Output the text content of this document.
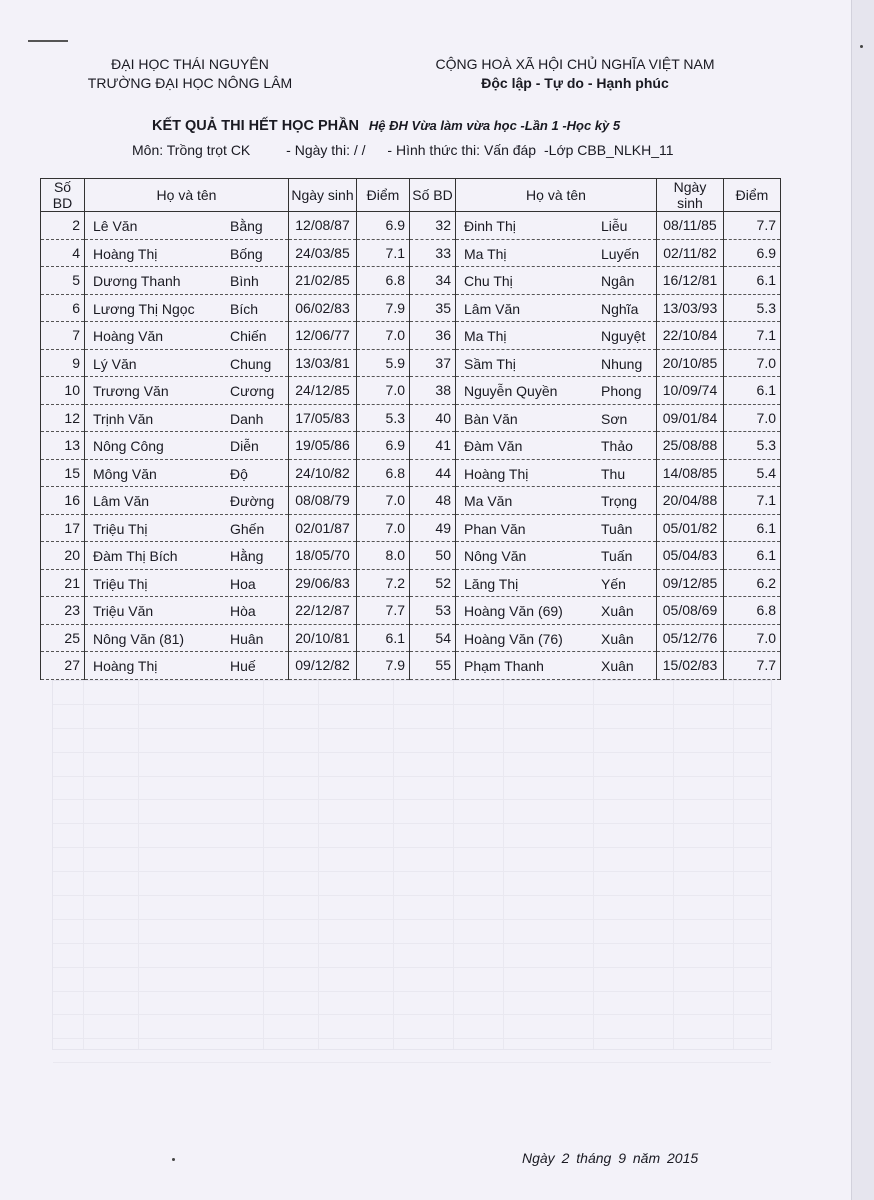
ĐẠI HỌC THÁI NGUYÊN
TRƯỜNG ĐẠI HỌC NÔNG LÂM
CỘNG HOÀ XÃ HỘI CHỦ NGHĨA VIỆT NAM
Độc lập - Tự do - Hạnh phúc
KẾT QUẢ THI HẾT HỌC PHẦN Hệ ĐH Vừa làm vừa học -Lần 1 -Học kỳ 5
Môn: Trồng trọt CK	- Ngày thi: / / - Hình thức thi: Vấn đáp -Lớp CBB_NLKH_11
Số BD	Họ và tên	Ngày sinh	Điểm	Số BD	Họ và tên	Ngày sinh	Điểm
2	Lê Văn Bằng	12/08/87	6.9	32	Đinh Thị Liễu	08/11/85	7.7
4	Hoàng Thị Bống	24/03/85	7.1	33	Ma Thị Luyến	02/11/82	6.9
5	Dương Thanh Bình	21/02/85	6.8	34	Chu Thị Ngân	16/12/81	6.1
6	Lương Thị Ngọc Bích	06/02/83	7.9	35	Lâm Văn Nghĩa	13/03/93	5.3
7	Hoàng Văn Chiến	12/06/77	7.0	36	Ma Thị Nguyệt	22/10/84	7.1
9	Lý Văn Chung	13/03/81	5.9	37	Sầm Thị Nhung	20/10/85	7.0
10	Trương Văn Cương	24/12/85	7.0	38	Nguyễn Quyền Phong	10/09/74	6.1
12	Trịnh Văn Danh	17/05/83	5.3	40	Bàn Văn Sơn	09/01/84	7.0
13	Nông Công Diễn	19/05/86	6.9	41	Đàm Văn Thảo	25/08/88	5.3
15	Mông Văn Độ	24/10/82	6.8	44	Hoàng Thị Thu	14/08/85	5.4
16	Lâm Văn Đường	08/08/79	7.0	48	Ma Văn Trọng	20/04/88	7.1
17	Triệu Thị Ghến	02/01/87	7.0	49	Phan Văn Tuân	05/01/82	6.1
20	Đàm Thị Bích Hằng	18/05/70	8.0	50	Nông Văn Tuấn	05/04/83	6.1
21	Triệu Thị Hoa	29/06/83	7.2	52	Lăng Thị Yến	09/12/85	6.2
23	Triệu Văn Hòa	22/12/87	7.7	53	Hoàng Văn (69) Xuân	05/08/69	6.8
25	Nông Văn (81) Huân	20/10/81	6.1	54	Hoàng Văn (76) Xuân	05/12/76	7.0
27	Hoàng Thị Huế	09/12/82	7.9	55	Phạm Thanh Xuân	15/02/83	7.7
Ngày 2 tháng 9 năm 2015
